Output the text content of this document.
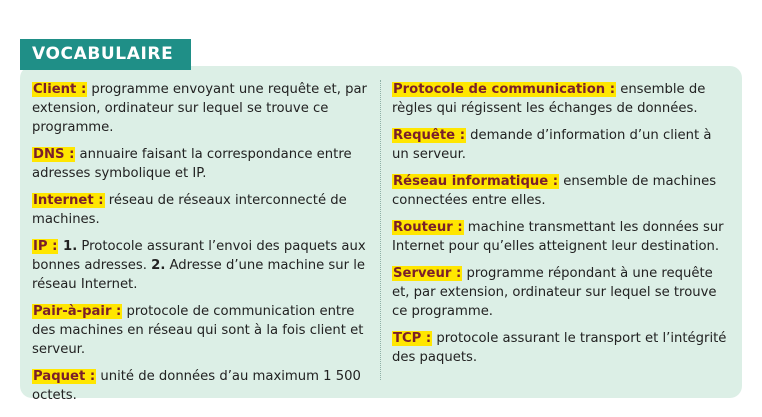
VOCABULAIRE

Client : programme envoyant une requête et, par extension, ordinateur sur lequel se trouve ce programme.

DNS : annuaire faisant la correspondance entre adresses symbolique et IP.

Internet : réseau de réseaux interconnecté de machines.

IP : 1. Protocole assurant l’envoi des paquets aux bonnes adresses. 2. Adresse d’une machine sur le réseau Internet.

Pair-à-pair : protocole de communication entre des machines en réseau qui sont à la fois client et serveur.

Paquet : unité de données d’au maximum 1 500 octets.

Protocole de communication : ensemble de règles qui régissent les échanges de données.

Requête : demande d’information d’un client à un serveur.

Réseau informatique : ensemble de machines connectées entre elles.

Routeur : machine transmettant les données sur Internet pour qu’elles atteignent leur destination.

Serveur : programme répondant à une requête et, par extension, ordinateur sur lequel se trouve ce programme.

TCP : protocole assurant le transport et l’intégrité des paquets.
